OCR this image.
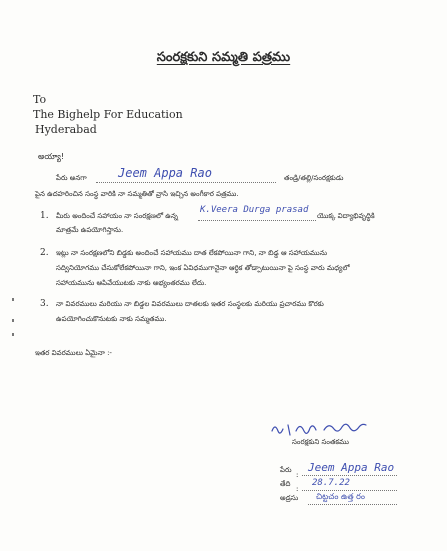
సంరక్షకుని సమ్మతి పత్రము
To
The Bighelp For Education
Hyderabad
అయ్యా!
పేరు అనగా	Jeem Appa Rao	తండ్రి/తల్లి/సంరక్షకుడు
పైన ఉదహరించిన సంస్థ వారికి నా సమ్మతితో వ్రాసి ఇచ్చిన అంగీకార పత్రము.
1. మీరు అందించే సహాయం నా సంరక్షణలో ఉన్న
K.Veera Durga prasad
యొక్క విద్యాభివృద్ధికి
మాత్రమే ఉపయోగిస్తాను.
2. ఇట్లు నా సంరక్షణలోని బిడ్డకు అందించే సహాయము దాత లేకపోయినా గాని, నా బిడ్డ ఆ సహాయమును
సద్వినియోగము చేసుకోలేకపోయినా గాని, ఇంక ఏవిధముగానైనా ఆర్ధిక తోడ్పాటుయినా పై సంస్థ వారు మధ్యలో
సహాయమును ఆపివేయుటకు నాకు అభ్యంతరము లేదు.
3. నా వివరములు మరియు నా బిడ్డల వివరములు దాతలకు ఇతర సంస్థలకు మరియు ప్రచారము కొరకు
ఉపయోగించుకొనుటకు నాకు సమ్మతము.
ఇతర వివరములు ఏమైనా :-
సంరక్షకుని సంతకము
పేరు
:
Jeem Appa Rao
తేది
:
28.7.22
అడ్రసు చిట్టచం ఉత్త రం
